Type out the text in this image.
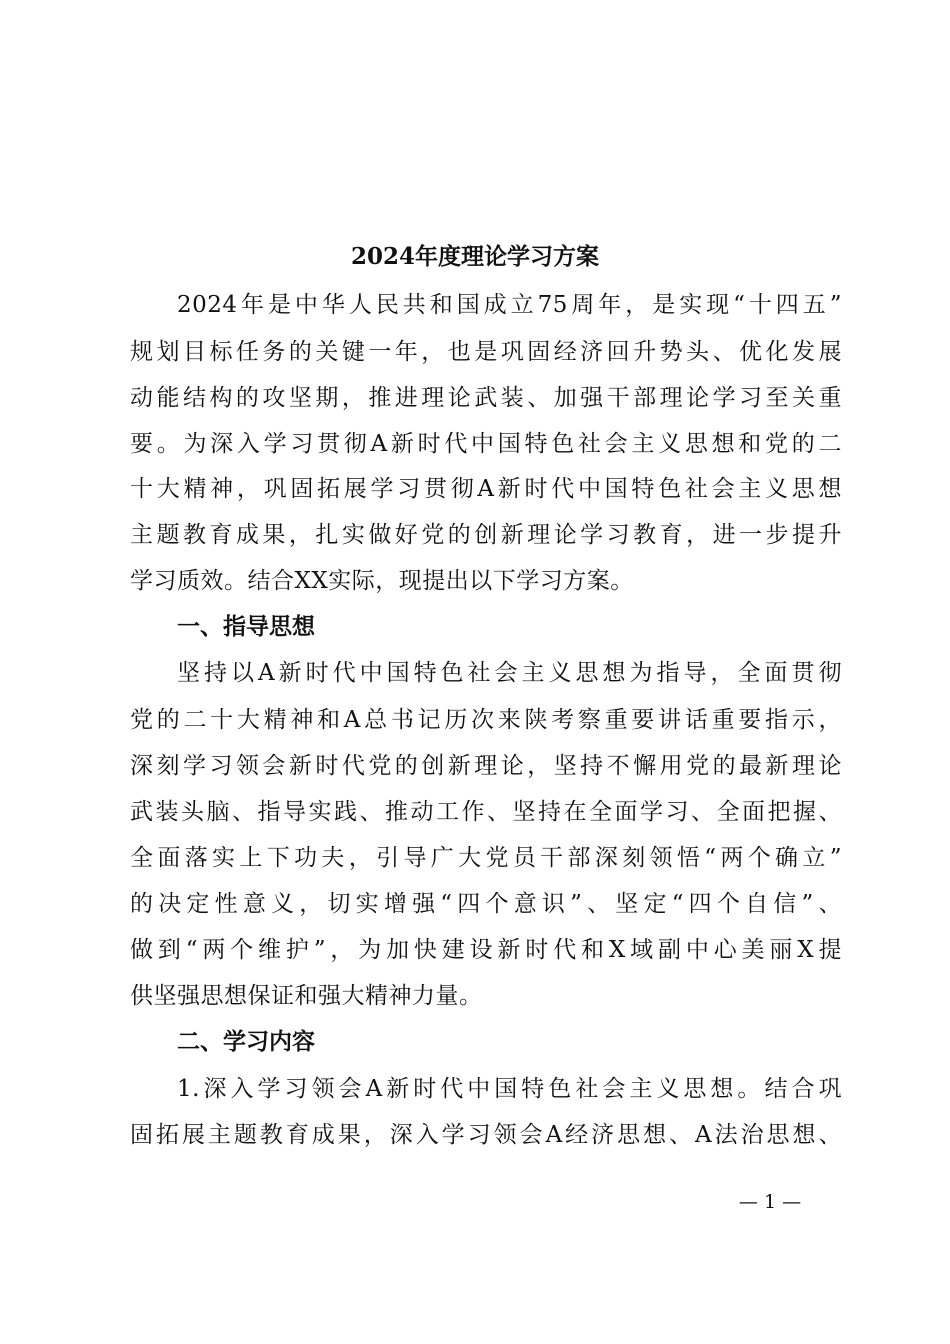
2024年度理论学习方案
2024年是中华人民共和国成立75周年，是实现“十四五”
规划目标任务的关键一年，也是巩固经济回升势头、优化发展
动能结构的攻坚期，推进理论武装、加强干部理论学习至关重
要。为深入学习贯彻A新时代中国特色社会主义思想和党的二
十大精神，巩固拓展学习贯彻A新时代中国特色社会主义思想
主题教育成果，扎实做好党的创新理论学习教育，进一步提升
学习质效。结合XX实际，现提出以下学习方案。
一、指导思想
坚持以A新时代中国特色社会主义思想为指导，全面贯彻
党的二十大精神和A总书记历次来陕考察重要讲话重要指示，
深刻学习领会新时代党的创新理论，坚持不懈用党的最新理论
武装头脑、指导实践、推动工作、坚持在全面学习、全面把握、
全面落实上下功夫，引导广大党员干部深刻领悟“两个确立”
的决定性意义，切实增强“四个意识”、坚定“四个自信”、
做到“两个维护”，为加快建设新时代和X域副中心美丽X提
供坚强思想保证和强大精神力量。
二、学习内容
1.深入学习领会A新时代中国特色社会主义思想。结合巩
固拓展主题教育成果，深入学习领会A经济思想、A法治思想、
— 1 —
